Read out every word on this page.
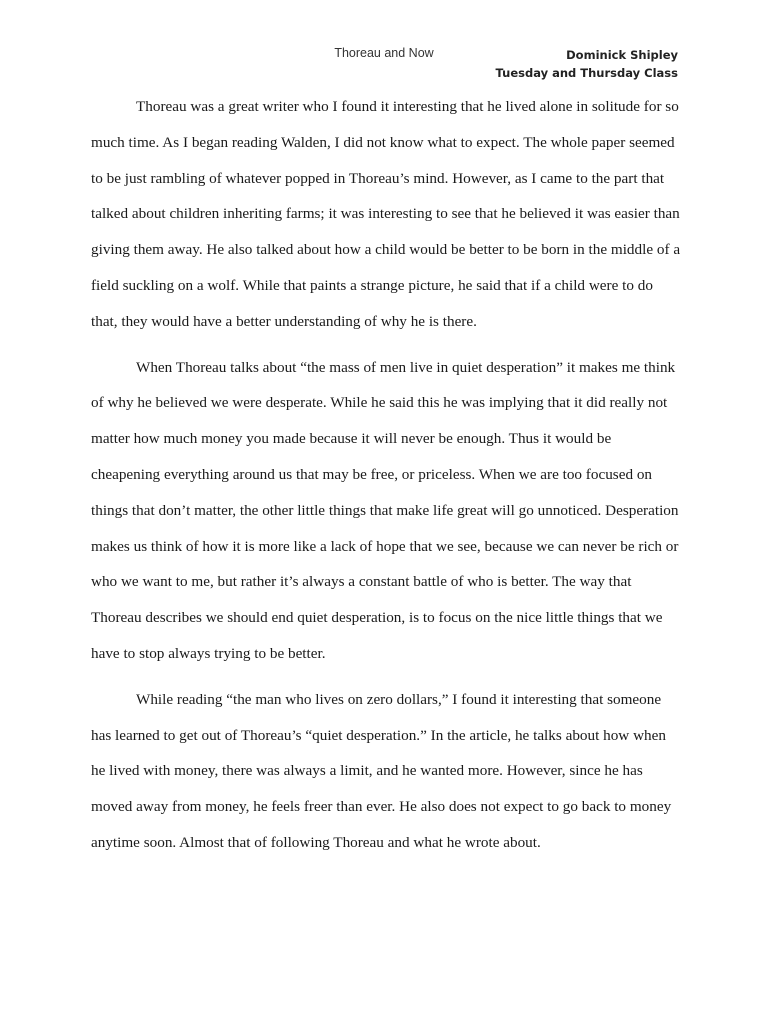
Thoreau and Now	Dominick Shipley
Tuesday and Thursday Class
Thoreau was a great writer who I found it interesting that he lived alone in solitude for so
much time. As I began reading Walden, I did not know what to expect. The whole paper seemed
to be just rambling of whatever popped in Thoreau’s mind. However, as I came to the part that
talked about children inheriting farms; it was interesting to see that he believed it was easier than
giving them away. He also talked about how a child would be better to be born in the middle of a
field suckling on a wolf. While that paints a strange picture, he said that if a child were to do
that, they would have a better understanding of why he is there.
When Thoreau talks about “the mass of men live in quiet desperation” it makes me think
of why he believed we were desperate. While he said this he was implying that it did really not
matter how much money you made because it will never be enough. Thus it would be
cheapening everything around us that may be free, or priceless. When we are too focused on
things that don’t matter, the other little things that make life great will go unnoticed. Desperation
makes us think of how it is more like a lack of hope that we see, because we can never be rich or
who we want to me, but rather it’s always a constant battle of who is better. The way that
Thoreau describes we should end quiet desperation, is to focus on the nice little things that we
have to stop always trying to be better.
While reading “the man who lives on zero dollars,” I found it interesting that someone
has learned to get out of Thoreau’s “quiet desperation.” In the article, he talks about how when
he lived with money, there was always a limit, and he wanted more. However, since he has
moved away from money, he feels freer than ever. He also does not expect to go back to money
anytime soon. Almost that of following Thoreau and what he wrote about.
